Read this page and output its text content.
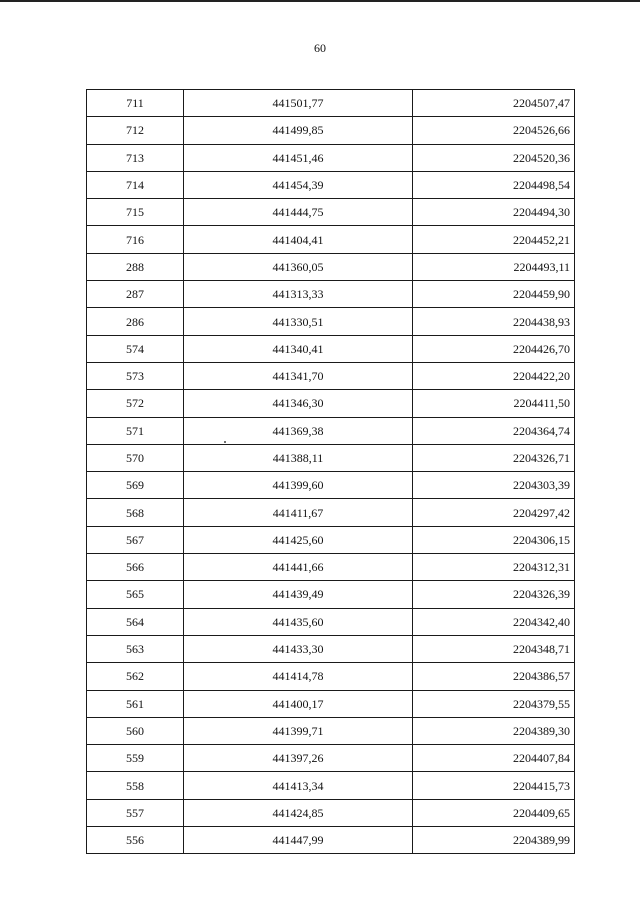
60
711	441501,77	2204507,47
712	441499,85	2204526,66
713	441451,46	2204520,36
714	441454,39	2204498,54
715	441444,75	2204494,30
716	441404,41	2204452,21
288	441360,05	2204493,11
287	441313,33	2204459,90
286	441330,51	2204438,93
574	441340,41	2204426,70
573	441341,70	2204422,20
572	441346,30	2204411,50
571	441369,38	2204364,74
570	441388,11	2204326,71
569	441399,60	2204303,39
568	441411,67	2204297,42
567	441425,60	2204306,15
566	441441,66	2204312,31
565	441439,49	2204326,39
564	441435,60	2204342,40
563	441433,30	2204348,71
562	441414,78	2204386,57
561	441400,17	2204379,55
560	441399,71	2204389,30
559	441397,26	2204407,84
558	441413,34	2204415,73
557	441424,85	2204409,65
556	441447,99	2204389,99
